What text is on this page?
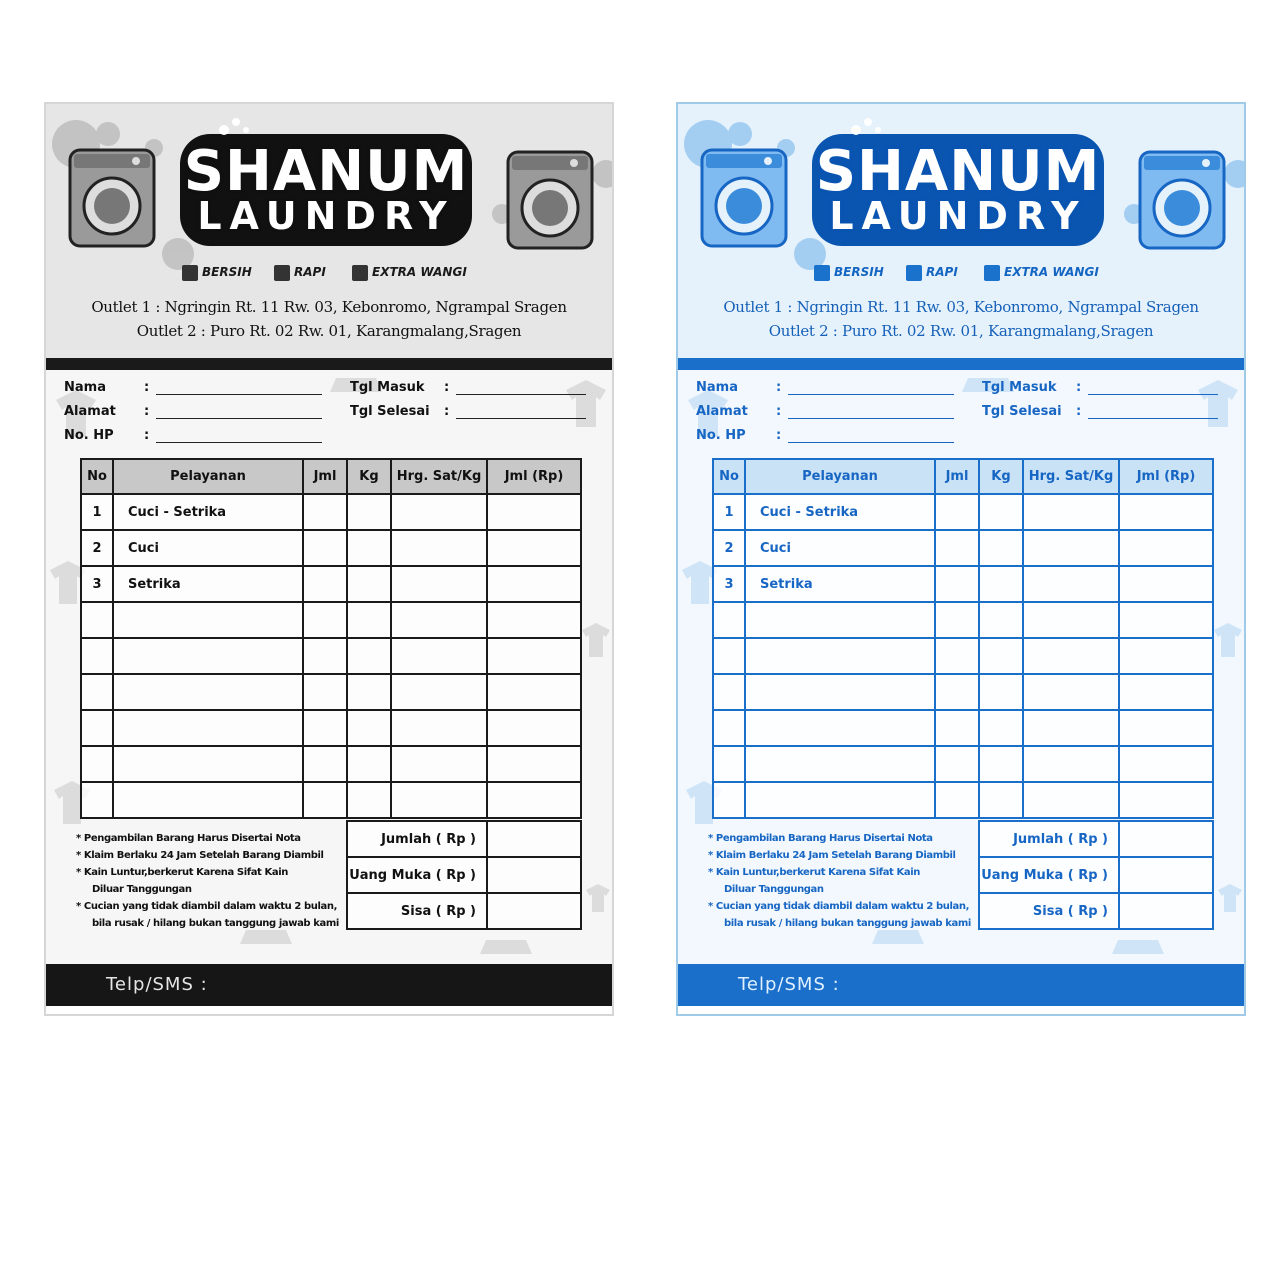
SHANUM
LAUNDRY
BERSIH	RAPI	EXTRA WANGI
Outlet 1 : Ngringin Rt. 11 Rw. 03, Kebonromo, Ngrampal Sragen
Outlet 2 : Puro Rt. 02 Rw. 01, Karangmalang,Sragen
Nama	:
Alamat :
No. HP :
Tgl Masuk :
Tgl Selesai :
No	Pelayanan	Jml	Kg	Hrg. Sat/Kg	Jml (Rp)
1	Cuci - Setrika				
2	Cuci				
3	Setrika				

* Pengambilan Barang Harus Disertai Nota
* Klaim Berlaku 24 Jam Setelah Barang Diambil
* Kain Luntur,berkerut Karena Sifat Kain
Diluar Tanggungan
* Cucian yang tidak diambil dalam waktu 2 bulan,
bila rusak / hilang bukan tanggung jawab kami
Jumlah ( Rp )	
Uang Muka ( Rp )	
Sisa ( Rp )	
Telp/SMS :
SHANUM
LAUNDRY
BERSIH	RAPI	EXTRA WANGI
Outlet 1 : Ngringin Rt. 11 Rw. 03, Kebonromo, Ngrampal Sragen
Outlet 2 : Puro Rt. 02 Rw. 01, Karangmalang,Sragen
Nama	:
Alamat :
No. HP :
Tgl Masuk :
Tgl Selesai :
No	Pelayanan	Jml	Kg	Hrg. Sat/Kg	Jml (Rp)
1	Cuci - Setrika				
2	Cuci				
3	Setrika				

* Pengambilan Barang Harus Disertai Nota
* Klaim Berlaku 24 Jam Setelah Barang Diambil
* Kain Luntur,berkerut Karena Sifat Kain
Diluar Tanggungan
* Cucian yang tidak diambil dalam waktu 2 bulan,
bila rusak / hilang bukan tanggung jawab kami
Jumlah ( Rp )	
Uang Muka ( Rp )	
Sisa ( Rp )	
Telp/SMS :
